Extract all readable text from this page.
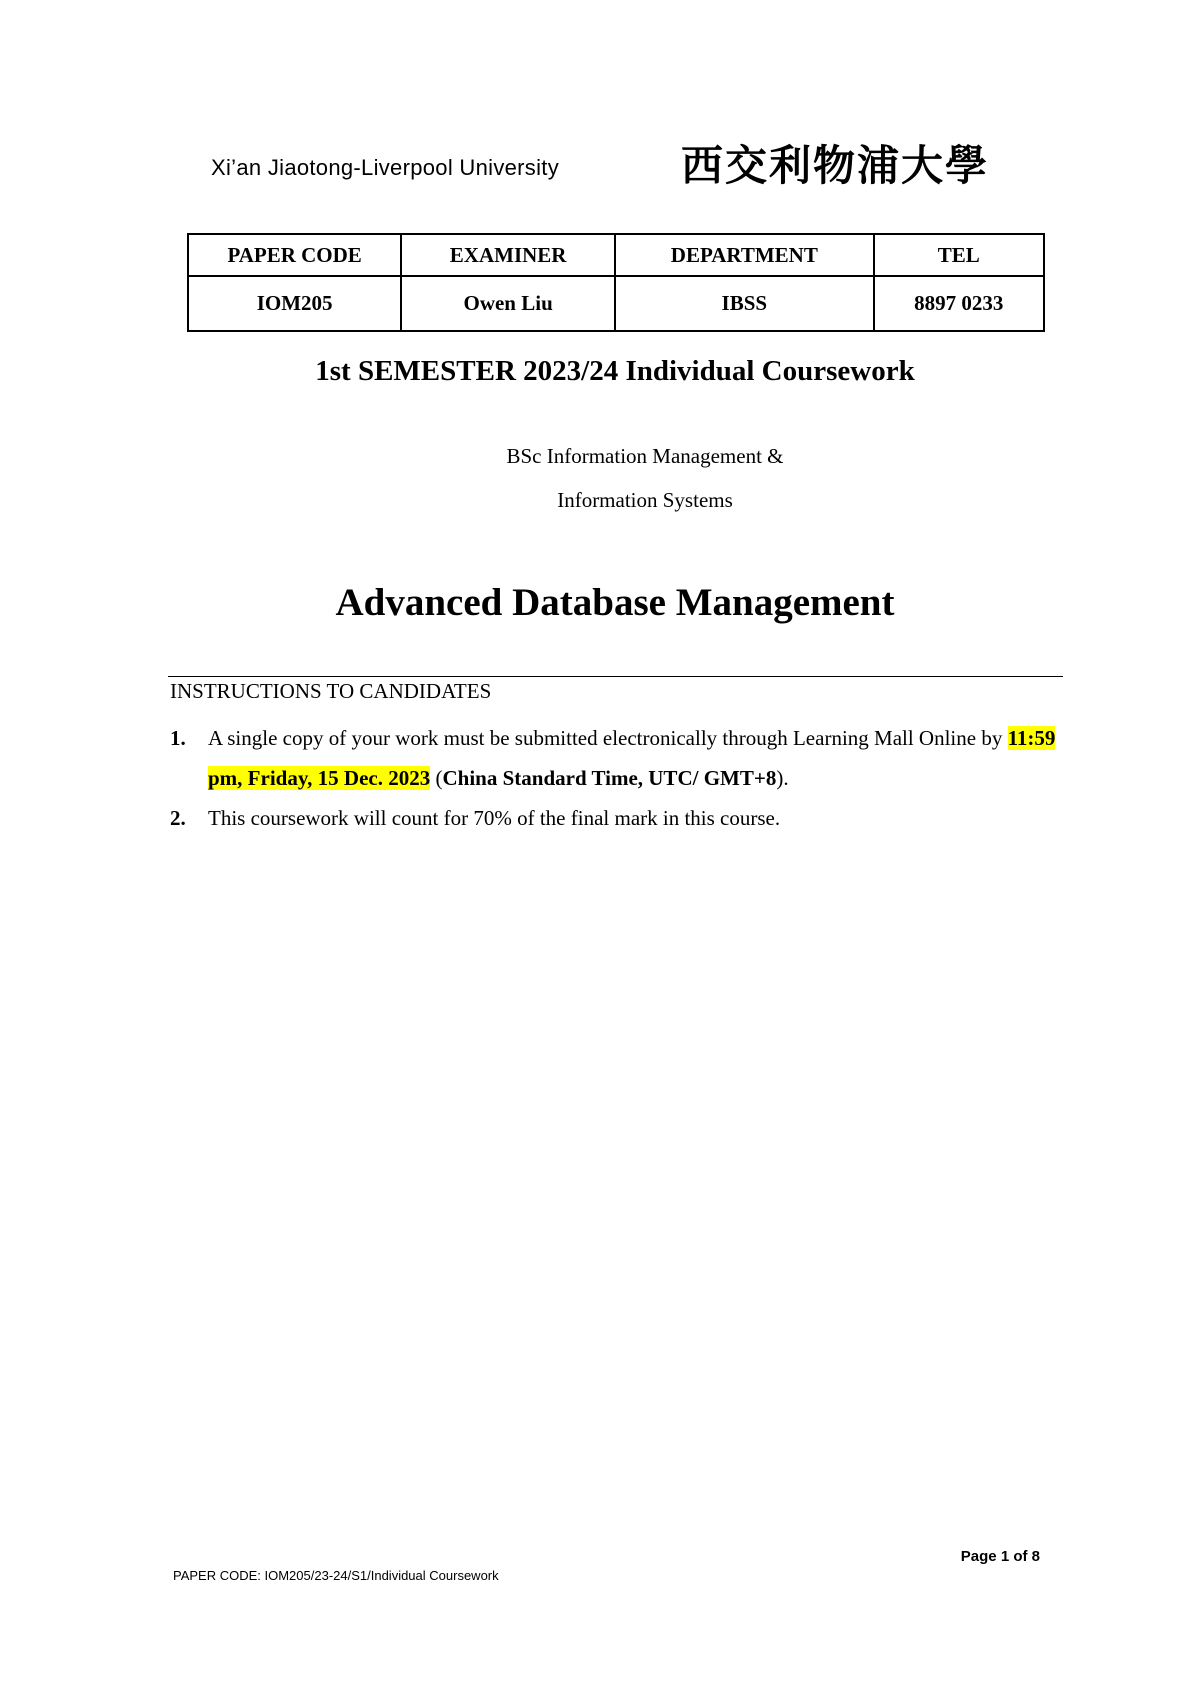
Xi’an Jiaotong-Liverpool University	西交利物浦大學
PAPER CODE	EXAMINER	DEPARTMENT	TEL
IOM205	Owen Liu	IBSS	8897 0233
1st SEMESTER 2023/24 Individual Coursework
BSc Information Management &
Information Systems
Advanced Database Management
INSTRUCTIONS TO CANDIDATES
1. A single copy of your work must be submitted electronically through Learning Mall Online by 11:59 pm, Friday, 15 Dec. 2023 (China Standard Time, UTC/ GMT+8).
2. This coursework will count for 70% of the final mark in this course.
Page 1 of 8
PAPER CODE: IOM205/23-24/S1/Individual Coursework
